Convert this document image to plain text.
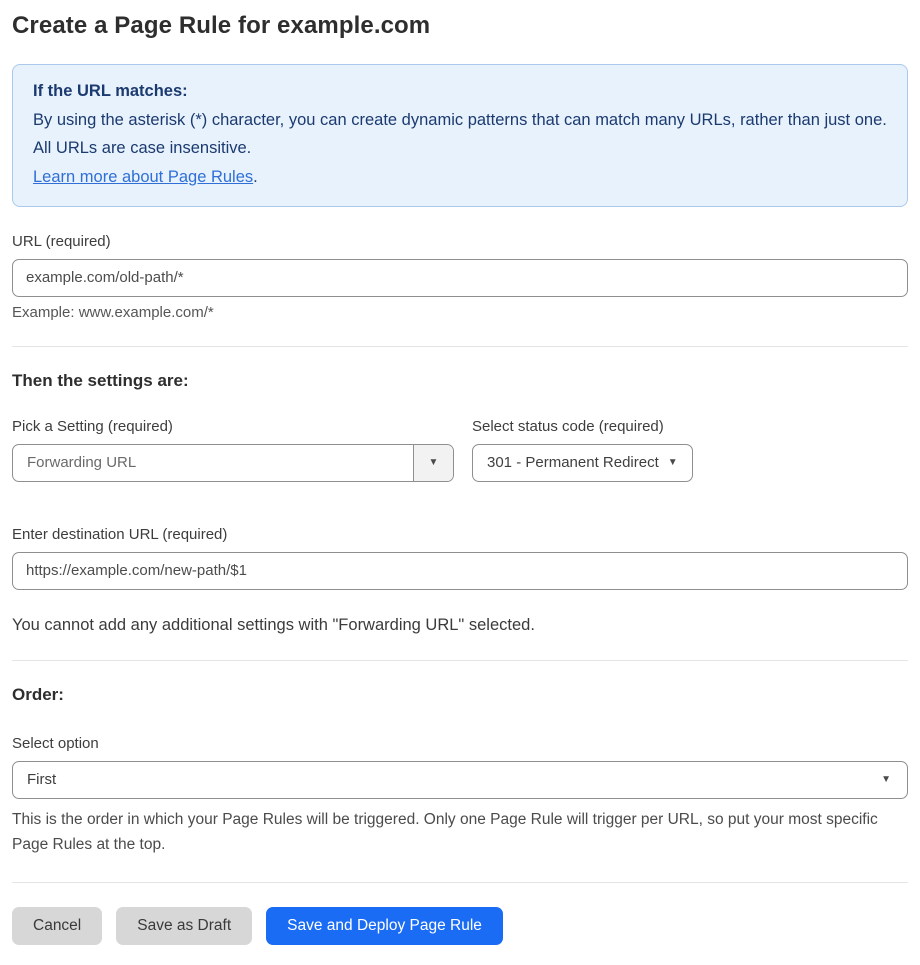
Create a Page Rule for example.com
If the URL matches:
By using the asterisk (*) character, you can create dynamic patterns that can match many URLs, rather than just one. All URLs are case insensitive.
Learn more about Page Rules.
URL (required)
example.com/old-path/*
Example: www.example.com/*
Then the settings are:
Pick a Setting (required)
Forwarding URL	▼
Select status code (required)
301 - Permanent Redirect ▼
Enter destination URL (required)
https://example.com/new-path/$1

You cannot add any additional settings with "Forwarding URL" selected.

Order:
Select option
First	▼

This is the order in which your Page Rules will be triggered. Only one Page Rule will trigger per URL, so put your most specific Page Rules at the top.

Cancel	Save as Draft	Save and Deploy Page Rule
